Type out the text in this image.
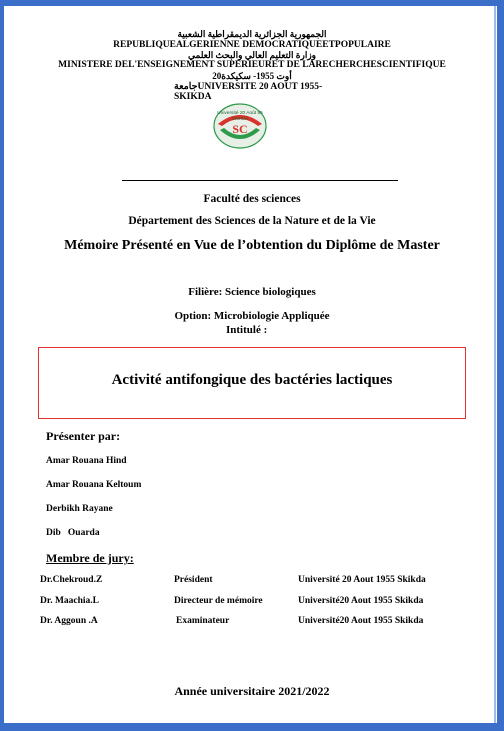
الجمهورية الجزائرية الديمقراطية الشعبية
REPUBLIQUEALGERIENNE DEMOCRATIQUEETPOPULAIRE
وزارة التعليم العالي والبحث العلمي
MINISTERE DEL'ENSEIGNEMENT SUPERIEURET DE LARECHERCHESCIENTIFIQUE
20أوت 1955- سكيكدة
جامعةUNIVERSITE 20 AOUT 1955-
SKIKDA
Université 20 Août 55
SKIKDA
SC
Faculté des sciences
Département des Sciences de la Nature et de la Vie
Mémoire Présenté en Vue de l’obtention du Diplôme de Master
Filière: Science biologiques
Option: Microbiologie Appliquée
Intitulé :
Activité antifongique des bactéries lactiques
Présenter par:
Amar Rouana Hind
Amar Rouana Keltoum
Derbikh Rayane
Dib   Ouarda
Membre de jury:
Dr.Chekroud.Z	Président	Université 20 Aout 1955 Skikda
Dr. Maachia.L	Directeur de mémoire	Université20 Aout 1955 Skikda
Dr. Aggoun .A	Examinateur	Université20 Aout 1955 Skikda
Année universitaire 2021/2022
